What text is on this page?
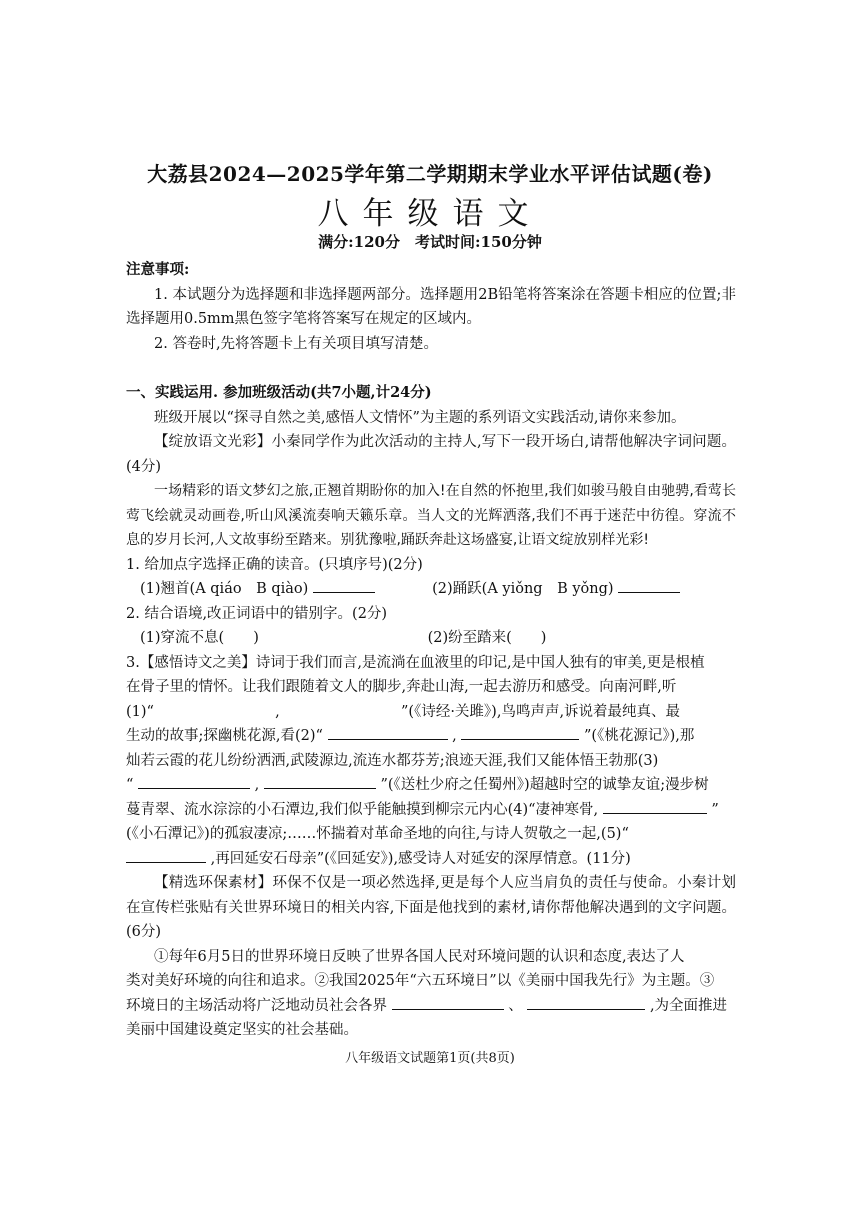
大荔县2024—2025学年第二学期期末学业水平评估试题(卷)
八年级语文
满分:120分　考试时间:150分钟

注意事项:

1. 本试题分为选择题和非选择题两部分。选择题用2B铅笔将答案涂在答题卡相应的位置;非选择题用0.5mm黑色签字笔将答案写在规定的区域内。

2. 答卷时,先将答题卡上有关项目填写清楚。

一、实践运用. 参加班级活动(共7小题,计24分)

班级开展以“探寻自然之美,感悟人文情怀”为主题的系列语文实践活动,请你来参加。

【绽放语文光彩】小秦同学作为此次活动的主持人,写下一段开场白,请帮他解决字词问题。(4分)

一场精彩的语文梦幻之旅,正翘首期盼你的加入!在自然的怀抱里,我们如骏马般自由驰骋,看莺长莺飞绘就灵动画卷,听山风溪流奏响天籁乐章。当人文的光辉洒落,我们不再于迷茫中彷徨。穿流不息的岁月长河,人文故事纷至踏来。别犹豫啦,踊跃奔赴这场盛宴,让语文绽放别样光彩!

1. 给加点字选择正确的读音。(只填序号)(2分)

(1)翘首(A qiáo　B qiào)	(2)踊跃(A yiǒng　B yǒng)

2. 结合语境,改正词语中的错别字。(2分)

(1)穿流不息(　　)	(2)纷至踏来(　　)

3.【感悟诗文之美】诗词于我们而言,是流淌在血液里的印记,是中国人独有的审美,更是根植

在骨子里的情怀。让我们跟随着文人的脚步,奔赴山海,一起去游历和感受。向南河畔,听

(1)“	,	”(《诗经·关雎》),鸟鸣声声,诉说着最纯真、最

生动的故事;探幽桃花源,看(2)“	,	”(《桃花源记》),那

灿若云霞的花儿纷纷洒洒,武陵源边,流连水都芬芳;浪迹天涯,我们又能体悟王勃那(3)

“	,	”(《送杜少府之任蜀州》)超越时空的诚挚友谊;漫步树

蔓青翠、流水淙淙的小石潭边,我们似乎能触摸到柳宗元内心(4)“凄神寒骨,	”

(《小石潭记》)的孤寂凄凉;……怀揣着对革命圣地的向往,与诗人贺敬之一起,(5)“

,再回延安石母亲”(《回延安》),感受诗人对延安的深厚情意。(11分)

【精选环保素材】环保不仅是一项必然选择,更是每个人应当肩负的责任与使命。小秦计划在宣传栏张贴有关世界环境日的相关内容,下面是他找到的素材,请你帮他解决遇到的文字问题。(6分)

①每年6月5日的世界环境日反映了世界各国人民对环境问题的认识和态度,表达了人

类对美好环境的向往和追求。②我国2025年“六五环境日”以《美丽中国我先行》为主题。③

环境日的主场活动将广泛地动员社会各界	、	,为全面推进

美丽中国建设奠定坚实的社会基础。

八年级语文试题第1页(共8页)
